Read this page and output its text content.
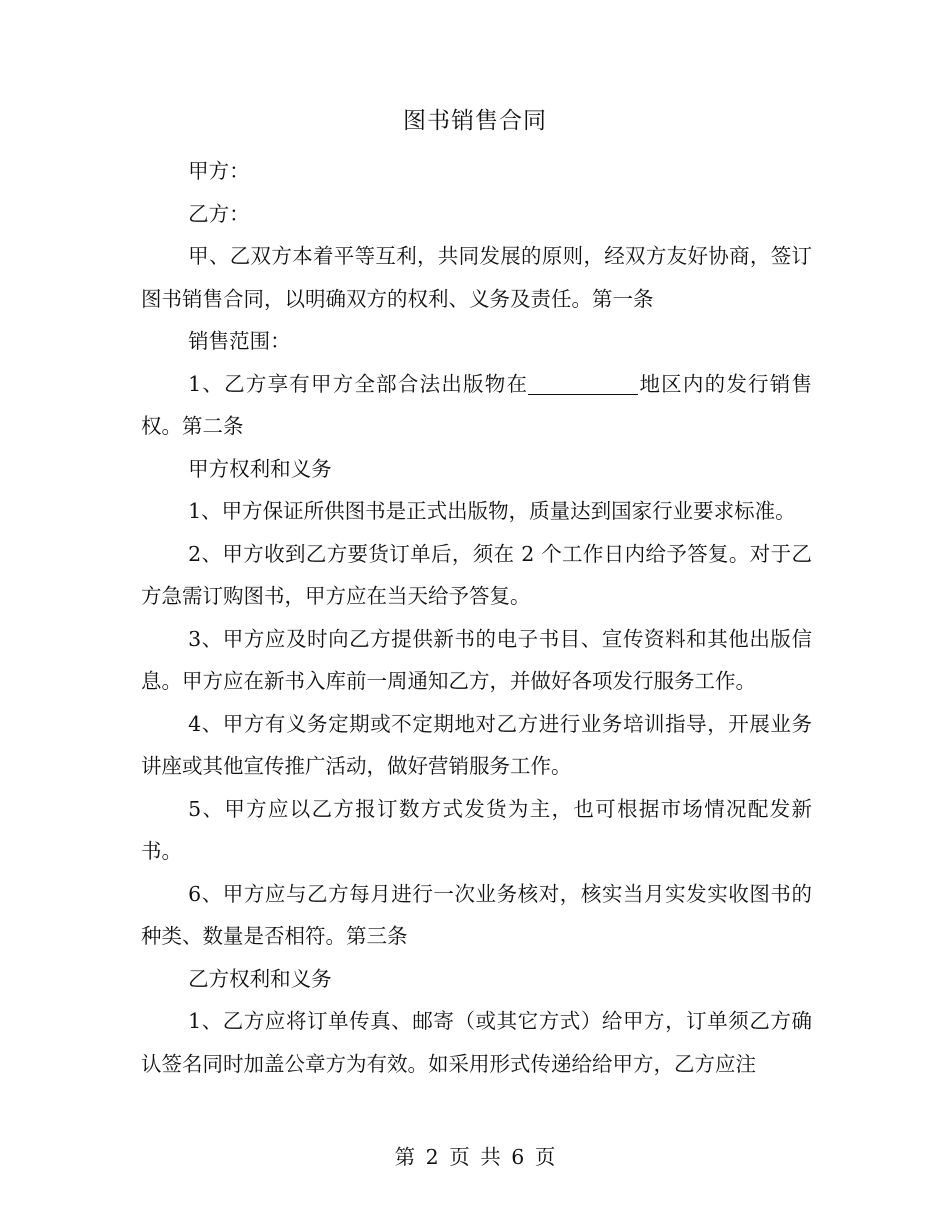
图书销售合同

甲方：

乙方：

甲、乙双方本着平等互利，共同发展的原则，经双方友好协商，签订图书销售合同，以明确双方的权利、义务及责任。第一条

销售范围：

1、乙方享有甲方全部合法出版物在	地区内的发行销售权。第二条

甲方权利和义务

1、甲方保证所供图书是正式出版物，质量达到国家行业要求标准。

2、甲方收到乙方要货订单后，须在 2 个工作日内给予答复。对于乙方急需订购图书，甲方应在当天给予答复。

3、甲方应及时向乙方提供新书的电子书目、宣传资料和其他出版信息。甲方应在新书入库前一周通知乙方，并做好各项发行服务工作。

4、甲方有义务定期或不定期地对乙方进行业务培训指导，开展业务讲座或其他宣传推广活动，做好营销服务工作。

5、甲方应以乙方报订数方式发货为主，也可根据市场情况配发新书。

6、甲方应与乙方每月进行一次业务核对，核实当月实发实收图书的种类、数量是否相符。第三条

乙方权利和义务

1、乙方应将订单传真、邮寄（或其它方式）给甲方，订单须乙方确认签名同时加盖公章方为有效。如采用形式传递给给甲方，乙方应注

第 2 页 共 6 页
